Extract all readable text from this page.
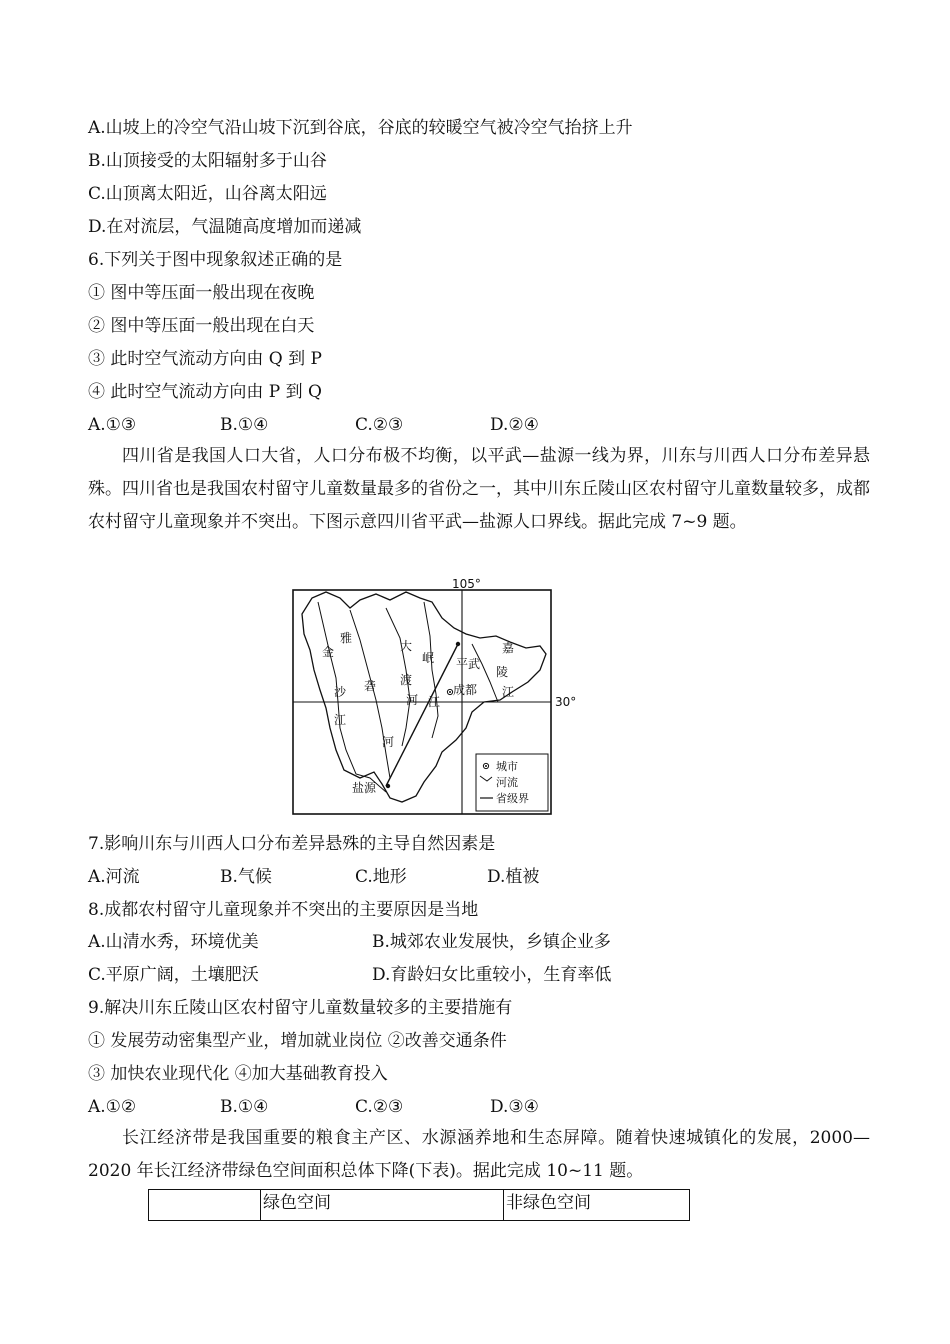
A.山坡上的冷空气沿山坡下沉到谷底，谷底的较暖空气被冷空气抬挤上升
B.山顶接受的太阳辐射多于山谷
C.山顶离太阳近，山谷离太阳远
D.在对流层，气温随高度增加而递减
6.下列关于图中现象叙述正确的是
① 图中等压面一般出现在夜晚
② 图中等压面一般出现在白天
③ 此时空气流动方向由 Q 到 P
④ 此时空气流动方向由 P 到 Q
A.①③	B.①④	C.②③	D.②④
四川省是我国人口大省，人口分布极不均衡，以平武—盐源一线为界，川东与川西人口分布差异悬殊。四川省也是我国农村留守儿童数量最多的省份之一，其中川东丘陵山区农村留守儿童数量较多，成都农村留守儿童现象并不突出。下图示意四川省平武—盐源人口界线。据此完成 7~9 题。
105°
30°
金
沙
江
雅
砻
河
大
渡
河
岷
江
嘉
陵
江
平武
成都
盐源
城市
河流
省级界
7.影响川东与川西人口分布差异悬殊的主导自然因素是
A.河流	B.气候	C.地形	D.植被
8.成都农村留守儿童现象并不突出的主要原因是当地
A.山清水秀，环境优美	B.城郊农业发展快，乡镇企业多
C.平原广阔，土壤肥沃	D.育龄妇女比重较小，生育率低
9.解决川东丘陵山区农村留守儿童数量较多的主要措施有
① 发展劳动密集型产业，增加就业岗位 ②改善交通条件
③ 加快农业现代化 ④加大基础教育投入
A.①②	B.①④	C.②③	D.③④
长江经济带是我国重要的粮食主产区、水源涵养地和生态屏障。随着快速城镇化的发展，2000—2020 年长江经济带绿色空间面积总体下降(下表)。据此完成 10~11 题。
	绿色空间	非绿色空间
